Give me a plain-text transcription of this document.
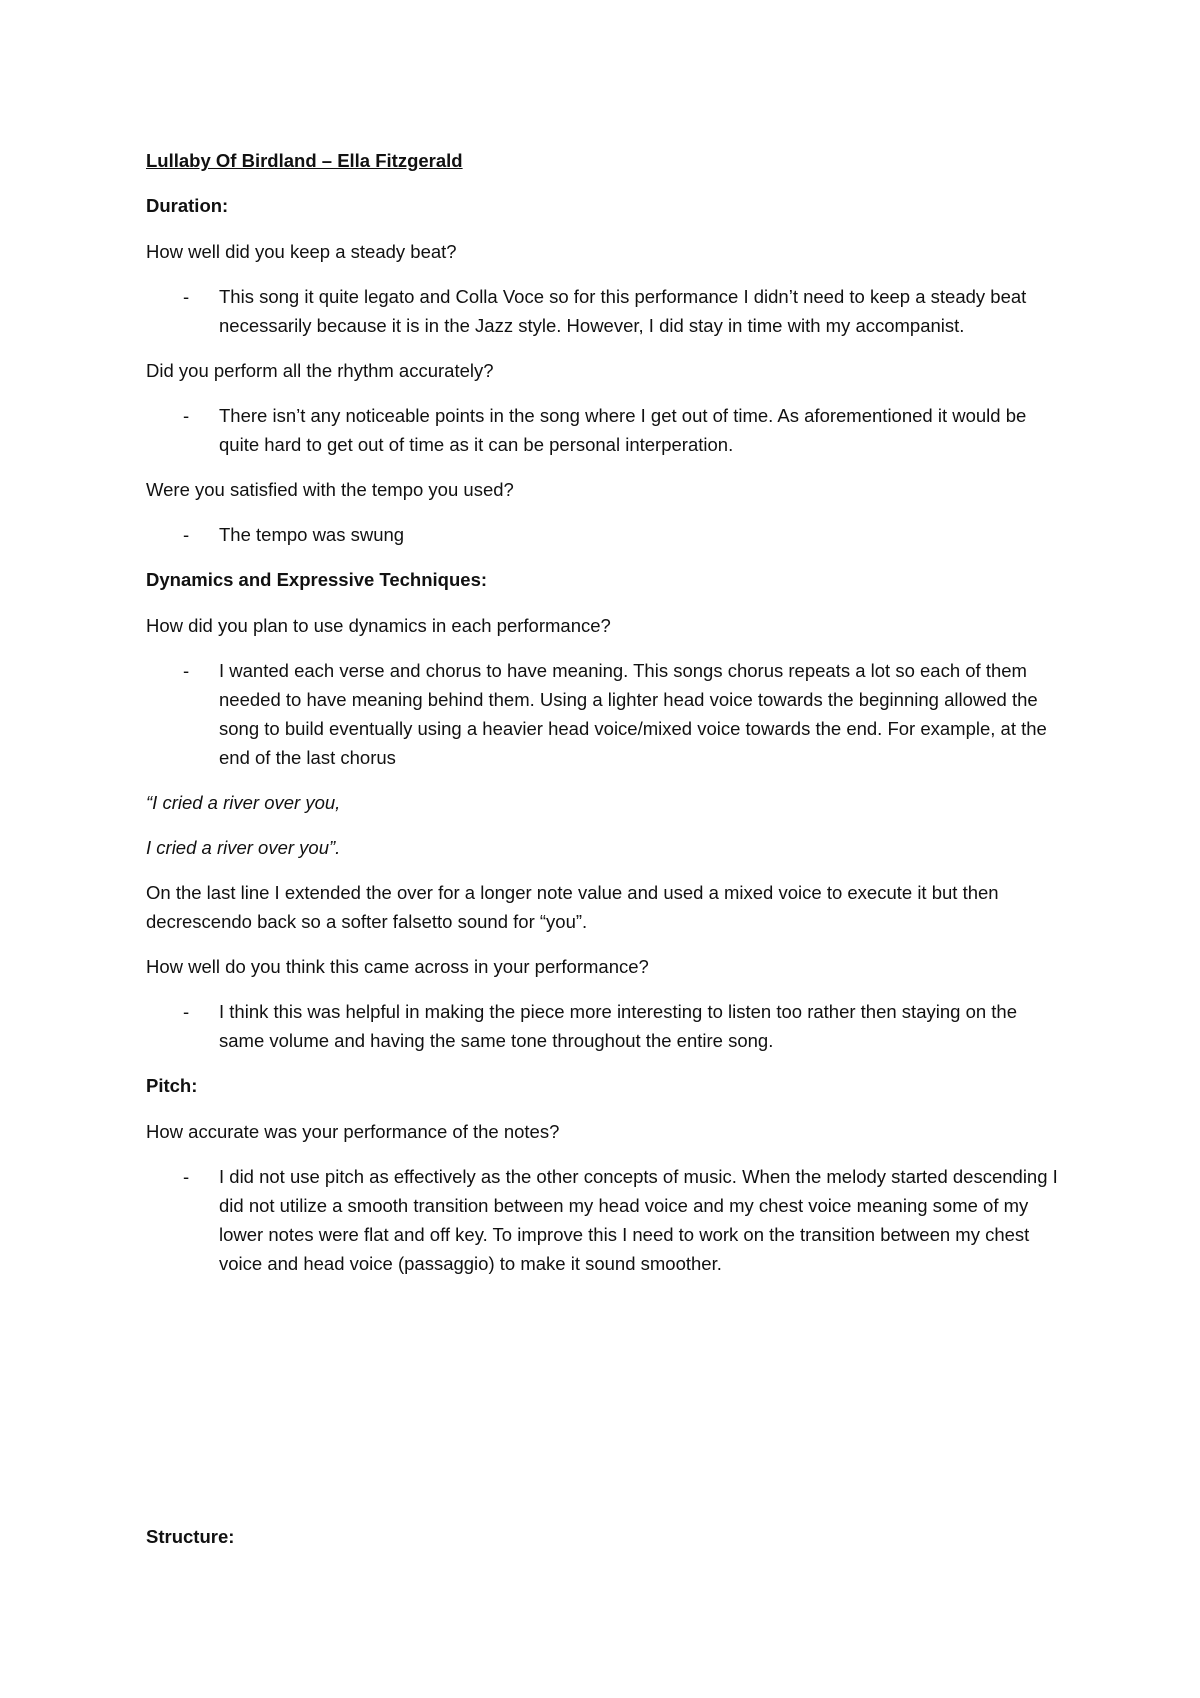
Lullaby Of Birdland – Ella Fitzgerald

Duration:

How well did you keep a steady beat?

- This song it quite legato and Colla Voce so for this performance I didn’t need to keep a steady beat necessarily because it is in the Jazz style. However, I did stay in time with my accompanist.

Did you perform all the rhythm accurately?

- There isn’t any noticeable points in the song where I get out of time. As aforementioned it would be quite hard to get out of time as it can be personal interperation.

Were you satisfied with the tempo you used?

- The tempo was swung

Dynamics and Expressive Techniques:

How did you plan to use dynamics in each performance?

- I wanted each verse and chorus to have meaning. This songs chorus repeats a lot so each of them needed to have meaning behind them. Using a lighter head voice towards the beginning allowed the song to build eventually using a heavier head voice/mixed voice towards the end. For example, at the end of the last chorus

“I cried a river over you,

I cried a river over you”.

On the last line I extended the over for a longer note value and used a mixed voice to execute it but then decrescendo back so a softer falsetto sound for “you”.

How well do you think this came across in your performance?

- I think this was helpful in making the piece more interesting to listen too rather then staying on the same volume and having the same tone throughout the entire song.

Pitch:

How accurate was your performance of the notes?

- I did not use pitch as effectively as the other concepts of music. When the melody started descending I did not utilize a smooth transition between my head voice and my chest voice meaning some of my lower notes were flat and off key. To improve this I need to work on the transition between my chest voice and head voice (passaggio) to make it sound smoother.

Structure:
